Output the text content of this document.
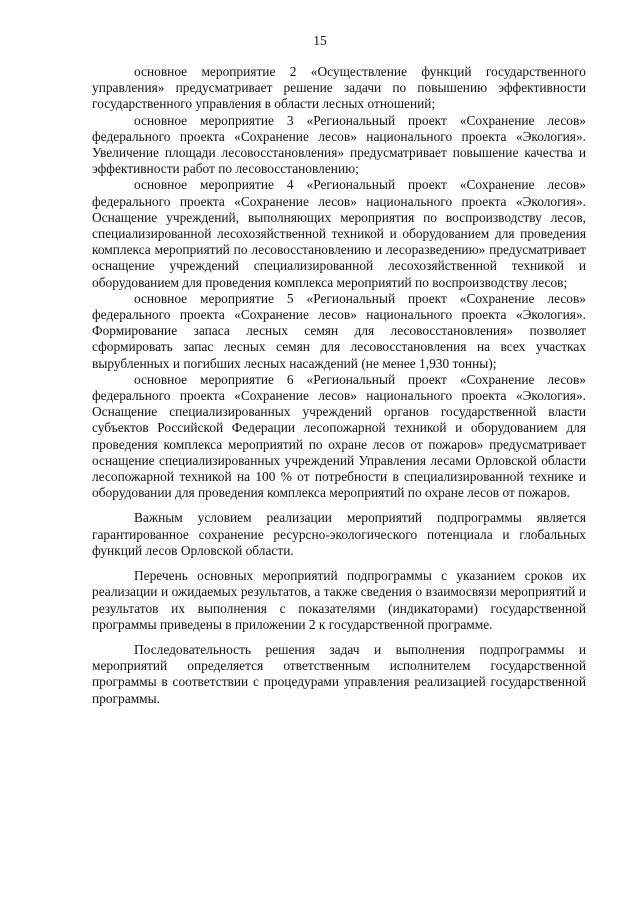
15

основное мероприятие 2 «Осуществление функций государственного управления» предусматривает решение задачи по повышению эффективности государственного управления в области лесных отношений;

основное мероприятие 3 «Региональный проект «Сохранение лесов» федерального проекта «Сохранение лесов» национального проекта «Экология». Увеличение площади лесовосстановления» предусматривает повышение качества и эффективности работ по лесовосстановлению;

основное мероприятие 4 «Региональный проект «Сохранение лесов» федерального проекта «Сохранение лесов» национального проекта «Экология». Оснащение учреждений, выполняющих мероприятия по воспроизводству лесов, специализированной лесохозяйственной техникой и оборудованием для проведения комплекса мероприятий по лесовосстановлению и лесоразведению» предусматривает оснащение учреждений специализированной лесохозяйственной техникой и оборудованием для проведения комплекса мероприятий по воспроизводству лесов;

основное мероприятие 5 «Региональный проект «Сохранение лесов» федерального проекта «Сохранение лесов» национального проекта «Экология». Формирование запаса лесных семян для лесовосстановления» позволяет сформировать запас лесных семян для лесовосстановления на всех участках вырубленных и погибших лесных насаждений (не менее 1,930 тонны);

основное мероприятие 6 «Региональный проект «Сохранение лесов» федерального проекта «Сохранение лесов» национального проекта «Экология». Оснащение специализированных учреждений органов государственной власти субъектов Российской Федерации лесопожарной техникой и оборудованием для проведения комплекса мероприятий по охране лесов от пожаров» предусматривает оснащение специализированных учреждений Управления лесами Орловской области лесопожарной техникой на 100 % от потребности в специализированной технике и оборудовании для проведения комплекса мероприятий по охране лесов от пожаров.

Важным условием реализации мероприятий подпрограммы является гарантированное сохранение ресурсно-экологического потенциала и глобальных функций лесов Орловской области.

Перечень основных мероприятий подпрограммы с указанием сроков их реализации и ожидаемых результатов, а также сведения о взаимосвязи мероприятий и результатов их выполнения с показателями (индикаторами) государственной программы приведены в приложении 2 к государственной программе.

Последовательность решения задач и выполнения подпрограммы и мероприятий определяется ответственным исполнителем государственной программы в соответствии с процедурами управления реализацией государственной программы.
